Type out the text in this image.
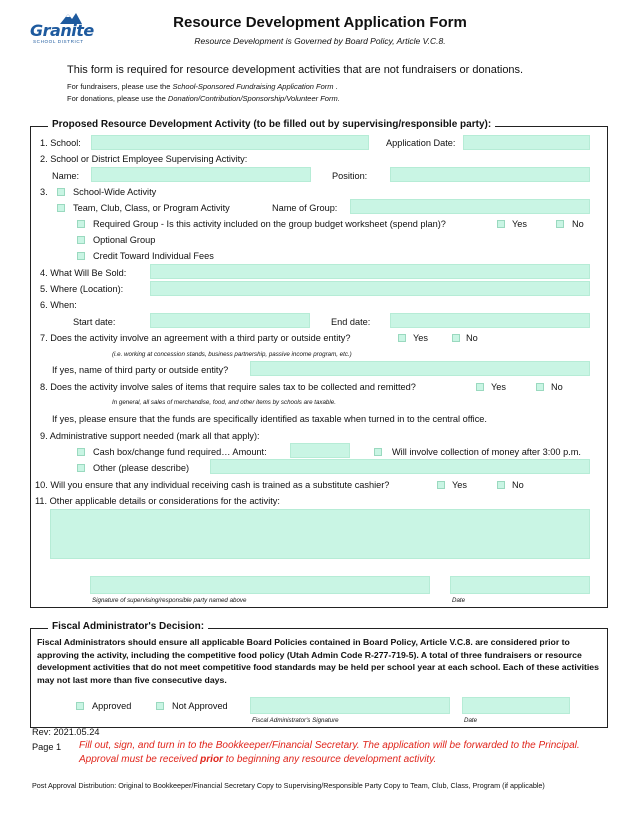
Granite
SCHOOL DISTRICT
Resource Development Application Form
Resource Development is Governed by Board Policy, Article V.C.8.
This form is required for resource development activities that are not fundraisers or donations.
For fundraisers, please use the School-Sponsored Fundraising Application Form .
For donations, please use the Donation/Contribution/Sponsorship/Volunteer Form.
Proposed Resource Development Activity (to be filled out by supervising/responsible party):
1. School:	Application Date:
2. School or District Employee Supervising Activity:
Name:	Position:
3.	School-Wide Activity
Team, Club, Class, or Program Activity	Name of Group:
Required Group - Is this activity included on the group budget worksheet (spend plan)?	Yes	No
Optional Group
Credit Toward Individual Fees
4. What Will Be Sold:
5. Where (Location):
6. When:
Start date:	End date:
7. Does the activity involve an agreement with a third party or outside entity?	Yes	No
(i.e. working at concession stands, business partnership, passive income program, etc.)
If yes, name of third party or outside entity?
8. Does the activity involve sales of items that require sales tax to be collected and remitted?	Yes	No
In general, all sales of merchandise, food, and other items by schools are taxable.
If yes, please ensure that the funds are specifically identified as taxable when turned in to the central office.
9. Administrative support needed (mark all that apply):
Cash box/change fund required… Amount:	Will involve collection of money after 3:00 p.m.
Other (please describe)
10. Will you ensure that any individual receiving cash is trained as a substitute cashier?	Yes	No
11. Other applicable details or considerations for the activity:
Signature of supervising/responsible party named above	Date
Fiscal Administrator's Decision:
Fiscal Administrators should ensure all applicable Board Policies contained in Board Policy, Article V.C.8. are considered prior to approving the activity, including the competitive food policy (Utah Admin Code R-277-719-5). A total of three fundraisers or resource development activities that do not meet competitive food standards may be held per school year at each school. Each of these activities may not last more than five consecutive days.
Approved	Not Approved
Fiscal Administrator's Signature	Date
Rev: 2021.05.24
Page 1 Fill out, sign, and turn in to the Bookkeeper/Financial Secretary. The application will be forwarded to the Principal. Approval must be received prior to beginning any resource development activity.
Post Approval Distribution: Original to Bookkeeper/Financial Secretary Copy to Supervising/Responsible Party Copy to Team, Club, Class, Program (if applicable)
